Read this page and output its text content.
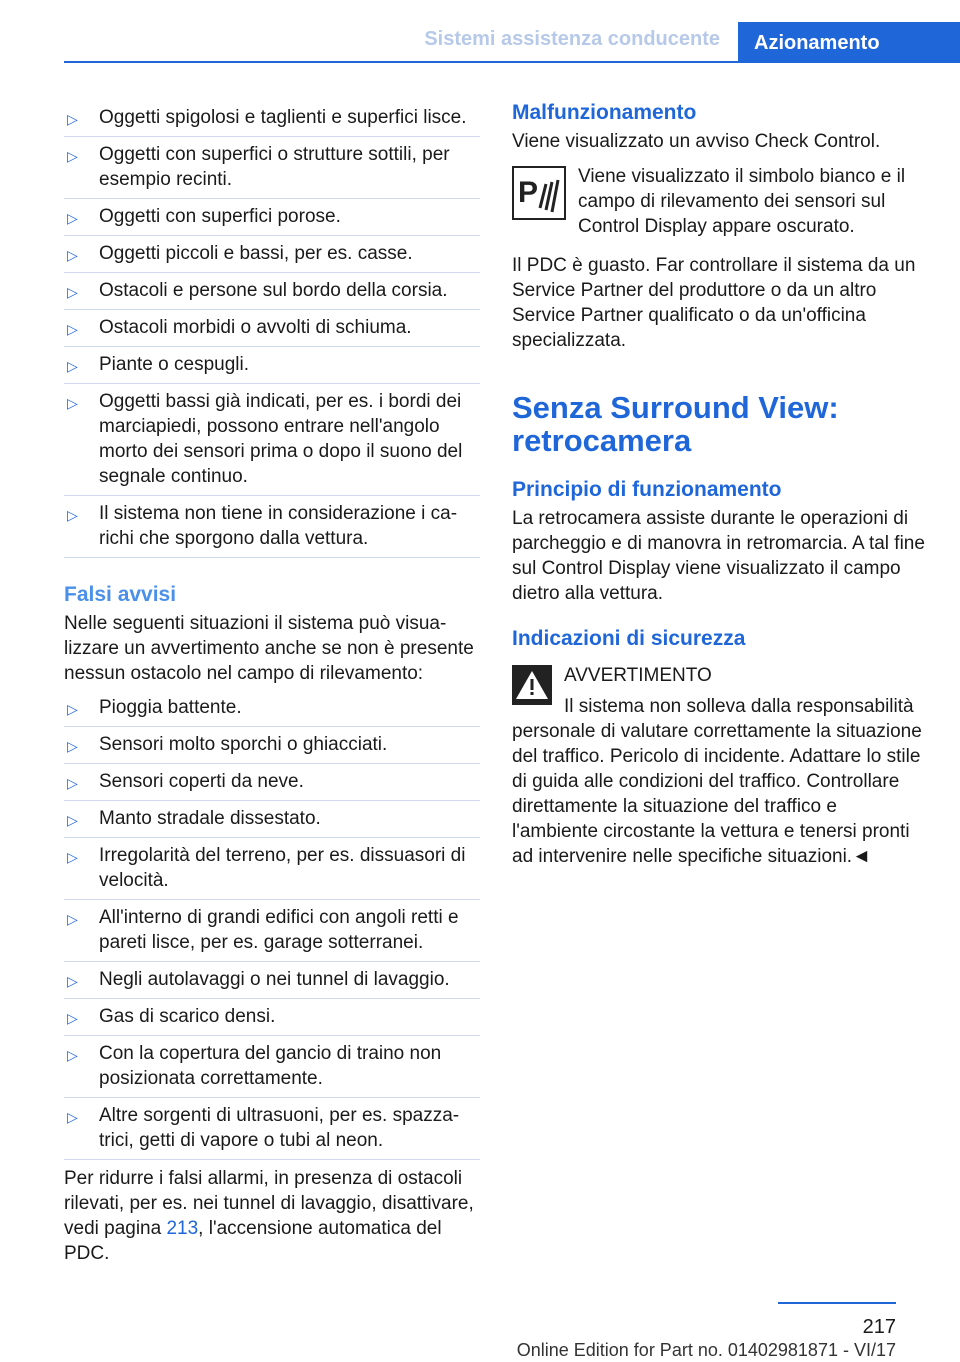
Sistemi assistenza conducente	Azionamento
▷ Oggetti spigolosi e taglienti e superfici lisce.
▷ Oggetti con superfici o strutture sottili, per esempio recinti.
▷ Oggetti con superfici porose.
▷ Oggetti piccoli e bassi, per es. casse.
▷ Ostacoli e persone sul bordo della corsia.
▷ Ostacoli morbidi o avvolti di schiuma.
▷ Piante o cespugli.
▷ Oggetti bassi già indicati, per es. i bordi dei marciapiedi, possono entrare nell'angolo morto dei sensori prima o dopo il suono del segnale continuo.
▷ Il sistema non tiene in considerazione i carichi che sporgono dalla vettura.
Falsi avvisi

Nelle seguenti situazioni il sistema può visualizzare un avvertimento anche se non è presente nessun ostacolo nel campo di rilevamento:

▷ Pioggia battente.
▷ Sensori molto sporchi o ghiacciati.
▷ Sensori coperti da neve.
▷ Manto stradale dissestato.
▷ Irregolarità del terreno, per es. dissuasori di velocità.
▷ All'interno di grandi edifici con angoli retti e pareti lisce, per es. garage sotterranei.
▷ Negli autolavaggi o nei tunnel di lavaggio.
▷ Gas di scarico densi.
▷ Con la copertura del gancio di traino non posizionata correttamente.
▷ Altre sorgenti di ultrasuoni, per es. spazzatrici, getti di vapore o tubi al neon.

Per ridurre i falsi allarmi, in presenza di ostacoli rilevati, per es. nei tunnel di lavaggio, disattivare, vedi pagina 213, l'accensione automatica del PDC.

Malfunzionamento

Viene visualizzato un avviso Check Control.

P Viene visualizzato il simbolo bianco e il campo di rilevamento dei sensori sul Control Display appare oscurato.

Il PDC è guasto. Far controllare il sistema da un Service Partner del produttore o da un altro Service Partner qualificato o da un'officina specializzata.

Senza Surround View: retrocamera
Principio di funzionamento

La retrocamera assiste durante le operazioni di parcheggio e di manovra in retromarcia. A tal fine sul Control Display viene visualizzato il campo dietro alla vettura.

Indicazioni di sicurezza
AVVERTIMENTO
Il sistema non solleva dalla responsabilità personale di valutare correttamente la situazione del traffico. Pericolo di incidente. Adattare lo stile di guida alle condizioni del traffico. Controllare direttamente la situazione del traffico e l'ambiente circostante la vettura e tenersi pronti ad intervenire nelle specifiche situazioni.◄
217
Online Edition for Part no. 01402981871 - VI/17
